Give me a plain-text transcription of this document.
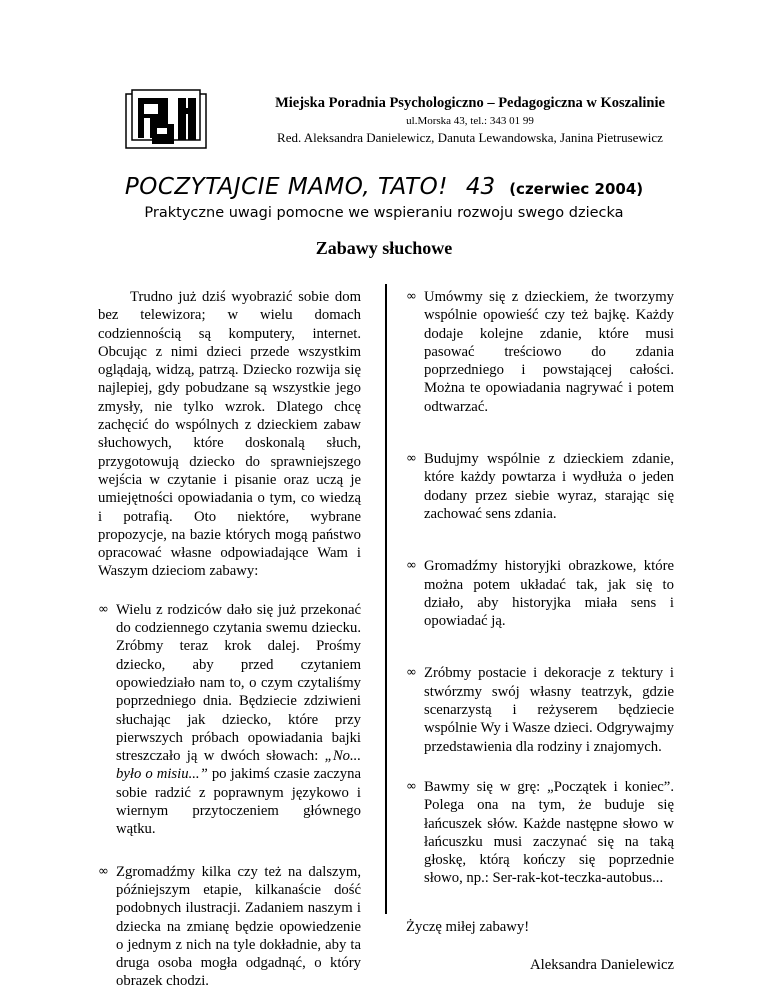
Miejska Poradnia Psychologiczno – Pedagogiczna w Koszalinie
ul.Morska 43, tel.: 343 01 99
Red. Aleksandra Danielewicz, Danuta Lewandowska, Janina Pietrusewicz
POCZYTAJCIE MAMO, TATO! 43 (czerwiec 2004)
Praktyczne uwagi pomocne we wspieraniu rozwoju swego dziecka
Zabawy słuchowe

Trudno już dziś wyobrazić sobie dom bez telewizora; w wielu domach codziennością są komputery, internet. Obcując z nimi dzieci przede wszystkim oglądają, widzą, patrzą. Dziecko rozwija się najlepiej, gdy pobudzane są wszystkie jego zmysły, nie tylko wzrok. Dlatego chcę zachęcić do wspólnych z dzieckiem zabaw słuchowych, które doskonalą słuch, przygotowują dziecko do sprawniejszego wejścia w czytanie i pisanie oraz uczą je umiejętności opowiadania o tym, co wiedzą i potrafią. Oto niektóre, wybrane propozycje, na bazie których mogą państwo opracować własne odpowiadające Wam i Waszym dzieciom zabawy:

∞ Wielu z rodziców dało się już przekonać do codziennego czytania swemu dziecku. Zróbmy teraz krok dalej. Prośmy dziecko, aby przed czytaniem opowiedziało nam to, o czym czytaliśmy poprzedniego dnia. Będziecie zdziwieni słuchając jak dziecko, które przy pierwszych próbach opowiadania bajki streszczało ją w dwóch słowach: „No... było o misiu...” po jakimś czasie zaczyna sobie radzić z poprawnym językowo i wiernym przytoczeniem głównego wątku.
∞ Zgromadźmy kilka czy też na dalszym, późniejszym etapie, kilkanaście dość podobnych ilustracji. Zadaniem naszym i dziecka na zmianę będzie opowiedzenie o jednym z nich na tyle dokładnie, aby ta druga osoba mogła odgadnąć, o który obrazek chodzi.
∞ Umówmy się z dzieckiem, że tworzymy wspólnie opowieść czy też bajkę. Każdy dodaje kolejne zdanie, które musi pasować treściowo do zdania poprzedniego i powstającej całości. Można te opowiadania nagrywać i potem odtwarzać.
∞ Budujmy wspólnie z dzieckiem zdanie, które każdy powtarza i wydłuża o jeden dodany przez siebie wyraz, starając się zachować sens zdania.
∞ Gromadźmy historyjki obrazkowe, które można potem układać tak, jak się to działo, aby historyjka miała sens i opowiadać ją.
∞ Zróbmy postacie i dekoracje z tektury i stwórzmy swój własny teatrzyk, gdzie scenarzystą i reżyserem będziecie wspólnie Wy i Wasze dzieci. Odgrywajmy przedstawienia dla rodziny i znajomych.
∞ Bawmy się w grę: „Początek i koniec”. Polega ona na tym, że buduje się łańcuszek słów. Każde następne słowo w łańcuszku musi zaczynać się na taką głoskę, którą kończy się poprzednie słowo, np.: Ser-rak-kot-teczka-autobus...

Życzę miłej zabawy!

Aleksandra Danielewicz
